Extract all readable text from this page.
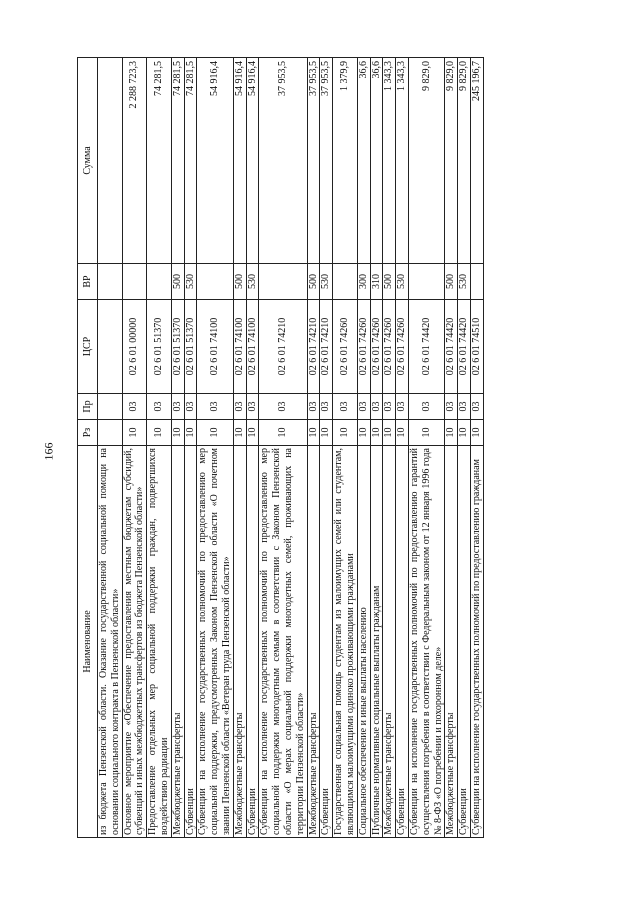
166
Наименование	Рз	Пр	ЦСР	ВР	Сумма
из бюджета Пензенской области. Оказание государственной социальной помощи на основании социального контракта в Пензенской области»					
Основное мероприятие «Обеспечение предоставления местным бюджетам субсидий, субвенций и иных межбюджетных трансфертов из бюджета Пензенской области»	10	03	02 6 01 00000		2 288 723,3
Предоставление отдельных мер социальной поддержки граждан, подвергшихся воздействию радиации	10	03	02 6 01 51370		74 281,5
Межбюджетные трансферты	10	03	02 6 01 51370	500	74 281,5
Субвенции	10	03	02 6 01 51370	530	74 281,5
Субвенции на исполнение государственных полномочий по предоставлению мер социальной поддержки, предусмотренных Законом Пензенской области «О почетном звании Пензенской области «Ветеран труда Пензенской области»	10	03	02 6 01 74100		54 916,4
Межбюджетные трансферты	10	03	02 6 01 74100	500	54 916,4
Субвенции	10	03	02 6 01 74100	530	54 916,4
Субвенции на исполнение государственных полномочий по предоставлению мер социальной поддержки многодетным семьям в соответствии с Законом Пензенской области «О мерах социальной поддержки многодетных семей, проживающих на территории Пензенской области»	10	03	02 6 01 74210		37 953,5
Межбюджетные трансферты	10	03	02 6 01 74210	500	37 953,5
Субвенции	10	03	02 6 01 74210	530	37 953,5
Государственная социальная помощь студентам из малоимущих семей или студентам, являющимся малоимущими одиноко проживающими гражданами	10	03	02 6 01 74260		1 379,9
Социальное обеспечение и иные выплаты населению	10	03	02 6 01 74260	300	36,6
Публичные нормативные социальные выплаты гражданам	10	03	02 6 01 74260	310	36,6
Межбюджетные трансферты	10	03	02 6 01 74260	500	1 343,3
Субвенции	10	03	02 6 01 74260	530	1 343,3
Субвенции на исполнение государственных полномочий по предоставлению гарантий осуществления погребения в соответствии с Федеральным законом от 12 января 1996 года № 8-ФЗ «О погребении и похоронном деле»	10	03	02 6 01 74420		9 829,0
Межбюджетные трансферты	10	03	02 6 01 74420	500	9 829,0
Субвенции	10	03	02 6 01 74420	530	9 829,0
Субвенции на исполнение государственных полномочий по предоставлению гражданам	10	03	02 6 01 74510		245 196,7
